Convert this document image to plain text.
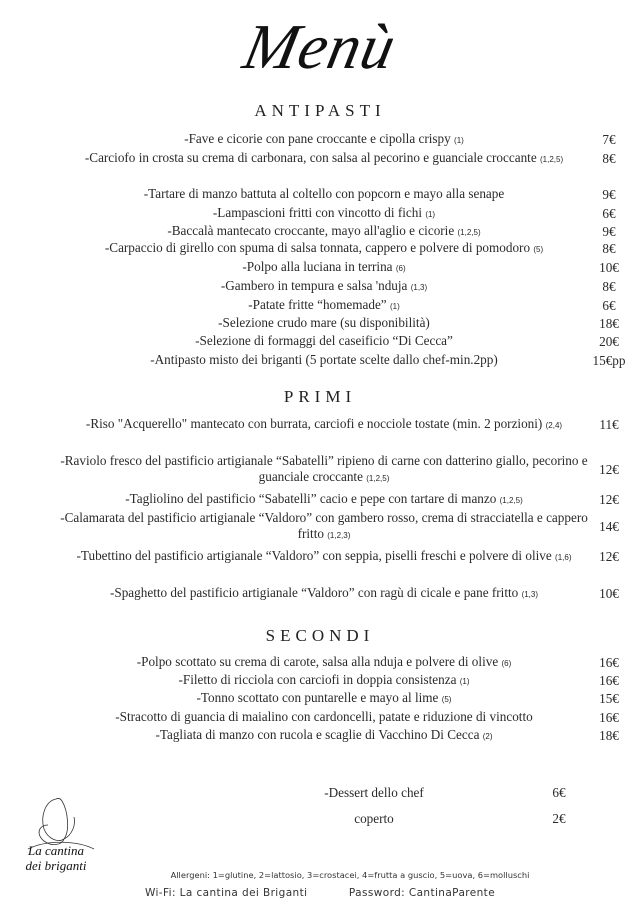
Menù
ANTIPASTI
-Fave e cicorie con pane croccante e cipolla crispy (1)	7€
-Carciofo in crosta su crema di carbonara, con salsa al pecorino e guanciale croccante (1,2,5)	8€
-Tartare di manzo battuta al coltello con popcorn e mayo alla senape	9€
-Lampascioni fritti con vincotto di fichi (1)	6€
-Baccalà mantecato croccante, mayo all'aglio e cicorie (1,2,5)	9€
-Carpaccio di girello con spuma di salsa tonnata, cappero e polvere di pomodoro (5)	8€
-Polpo alla luciana in terrina (6)	10€
-Gambero in tempura e salsa 'nduja (1,3)	8€
-Patate fritte “homemade” (1)	6€
-Selezione crudo mare (su disponibilità)	18€
-Selezione di formaggi del caseificio “Di Cecca”	20€
-Antipasto misto dei briganti (5 portate scelte dallo chef-min.2pp)	15€pp
PRIMI
-Riso "Acquerello" mantecato con burrata, carciofi e nocciole tostate (min. 2 porzioni) (2,4)	11€
-Raviolo fresco del pastificio artigianale “Sabatelli” ripieno di carne con datterino giallo, pecorino e guanciale croccante (1,2,5)
12€
-Tagliolino del pastificio “Sabatelli” cacio e pepe con tartare di manzo (1,2,5)	12€
-Calamarata del pastificio artigianale “Valdoro” con gambero rosso, crema di stracciatella e cappero fritto (1,2,3)
14€
-Tubettino del pastificio artigianale “Valdoro” con seppia, piselli freschi e polvere di olive (1,6)	12€
-Spaghetto del pastificio artigianale “Valdoro” con ragù di cicale e pane fritto (1,3)	10€
SECONDI
-Polpo scottato su crema di carote, salsa alla nduja e polvere di olive (6)	16€
-Filetto di ricciola con carciofi in doppia consistenza (1)	16€
-Tonno scottato con puntarelle e mayo al lime (5)	15€
-Stracotto di guancia di maialino con cardoncelli, patate e riduzione di vincotto	16€
-Tagliata di manzo con rucola e scaglie di Vacchino Di Cecca (2)	18€
-Dessert dello chef	6€
coperto	2€
La cantina
dei briganti
Allergeni: 1=glutine, 2=lattosio, 3=crostacei, 4=frutta a guscio, 5=uova, 6=molluschi
Wi-Fi: La cantina dei Briganti	Password: CantinaParente
